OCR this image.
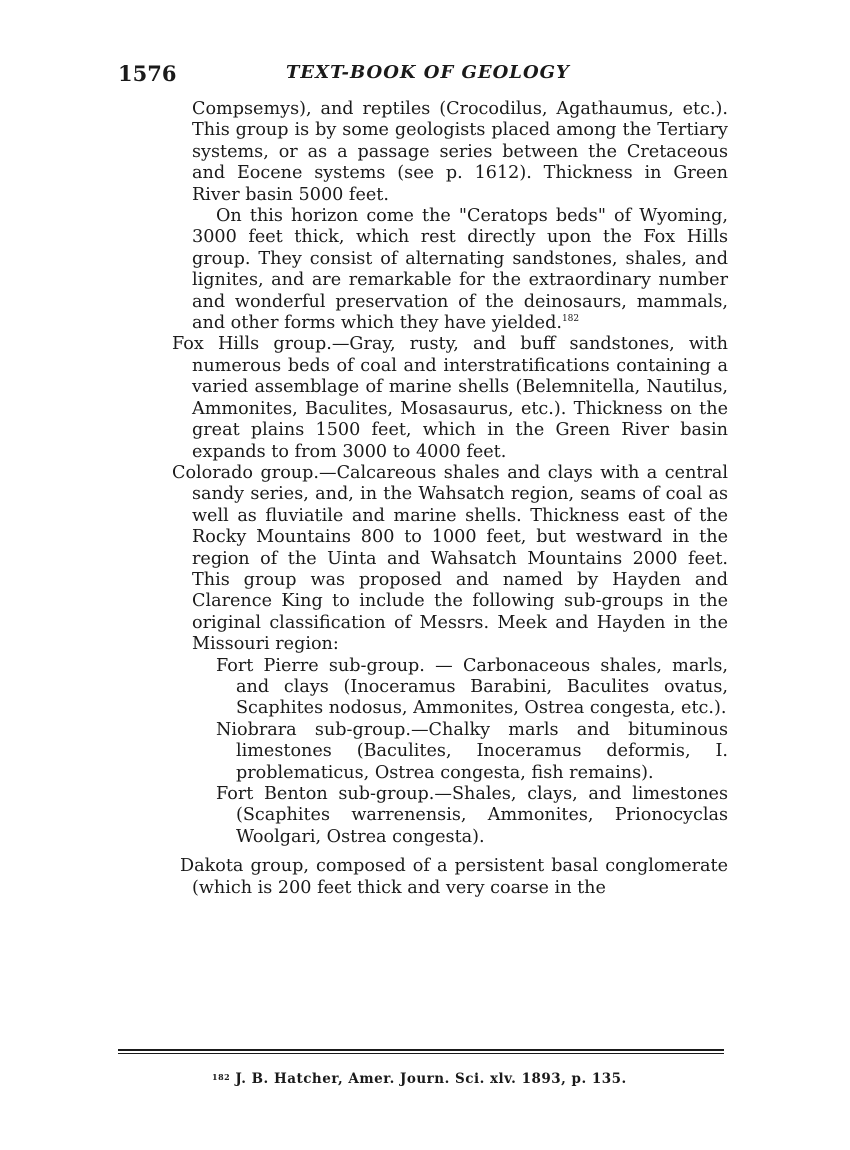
1576	TEXT-BOOK OF GEOLOGY

Compsemys), and reptiles (Crocodilus, Agathaumus, etc.). This group is by some geologists placed among the Tertiary systems, or as a passage series between the Cretaceous and Eocene systems (see p. 1612). Thickness in Green River basin 5000 feet.

On this horizon come the "Ceratops beds" of Wyoming, 3000 feet thick, which rest directly upon the Fox Hills group. They consist of alternating sandstones, shales, and lignites, and are remarkable for the extraordinary number and wonderful preservation of the deinosaurs, mammals, and other forms which they have yielded.$^{182}$

Fox Hills group.—Gray, rusty, and buff sandstones, with numerous beds of coal and interstratifications containing a varied assemblage of marine shells (Belemnitella, Nautilus, Ammonites, Baculites, Mosasaurus, etc.). Thickness on the great plains 1500 feet, which in the Green River basin expands to from 3000 to 4000 feet.

Colorado group.—Calcareous shales and clays with a central sandy series, and, in the Wahsatch region, seams of coal as well as fluviatile and marine shells. Thickness east of the Rocky Mountains 800 to 1000 feet, but westward in the region of the Uinta and Wahsatch Mountains 2000 feet. This group was proposed and named by Hayden and Clarence King to include the following sub-groups in the original classification of Messrs. Meek and Hayden in the Missouri region:

Fort Pierre sub-group. — Carbonaceous shales, marls, and clays (Inoceramus Barabini, Baculites ovatus, Scaphites nodosus, Ammonites, Ostrea congesta, etc.).

Niobrara sub-group.—Chalky marls and bituminous limestones (Baculites, Inoceramus deformis, I. problematicus, Ostrea congesta, fish remains).

Fort Benton sub-group.—Shales, clays, and limestones (Scaphites warrenensis, Ammonites, Prionocyclas Woolgari, Ostrea congesta).

Dakota group, composed of a persistent basal conglomerate (which is 200 feet thick and very coarse in the

$^{182}$ J. B. Hatcher, Amer. Journ. Sci. xlv. 1893, p. 135.
